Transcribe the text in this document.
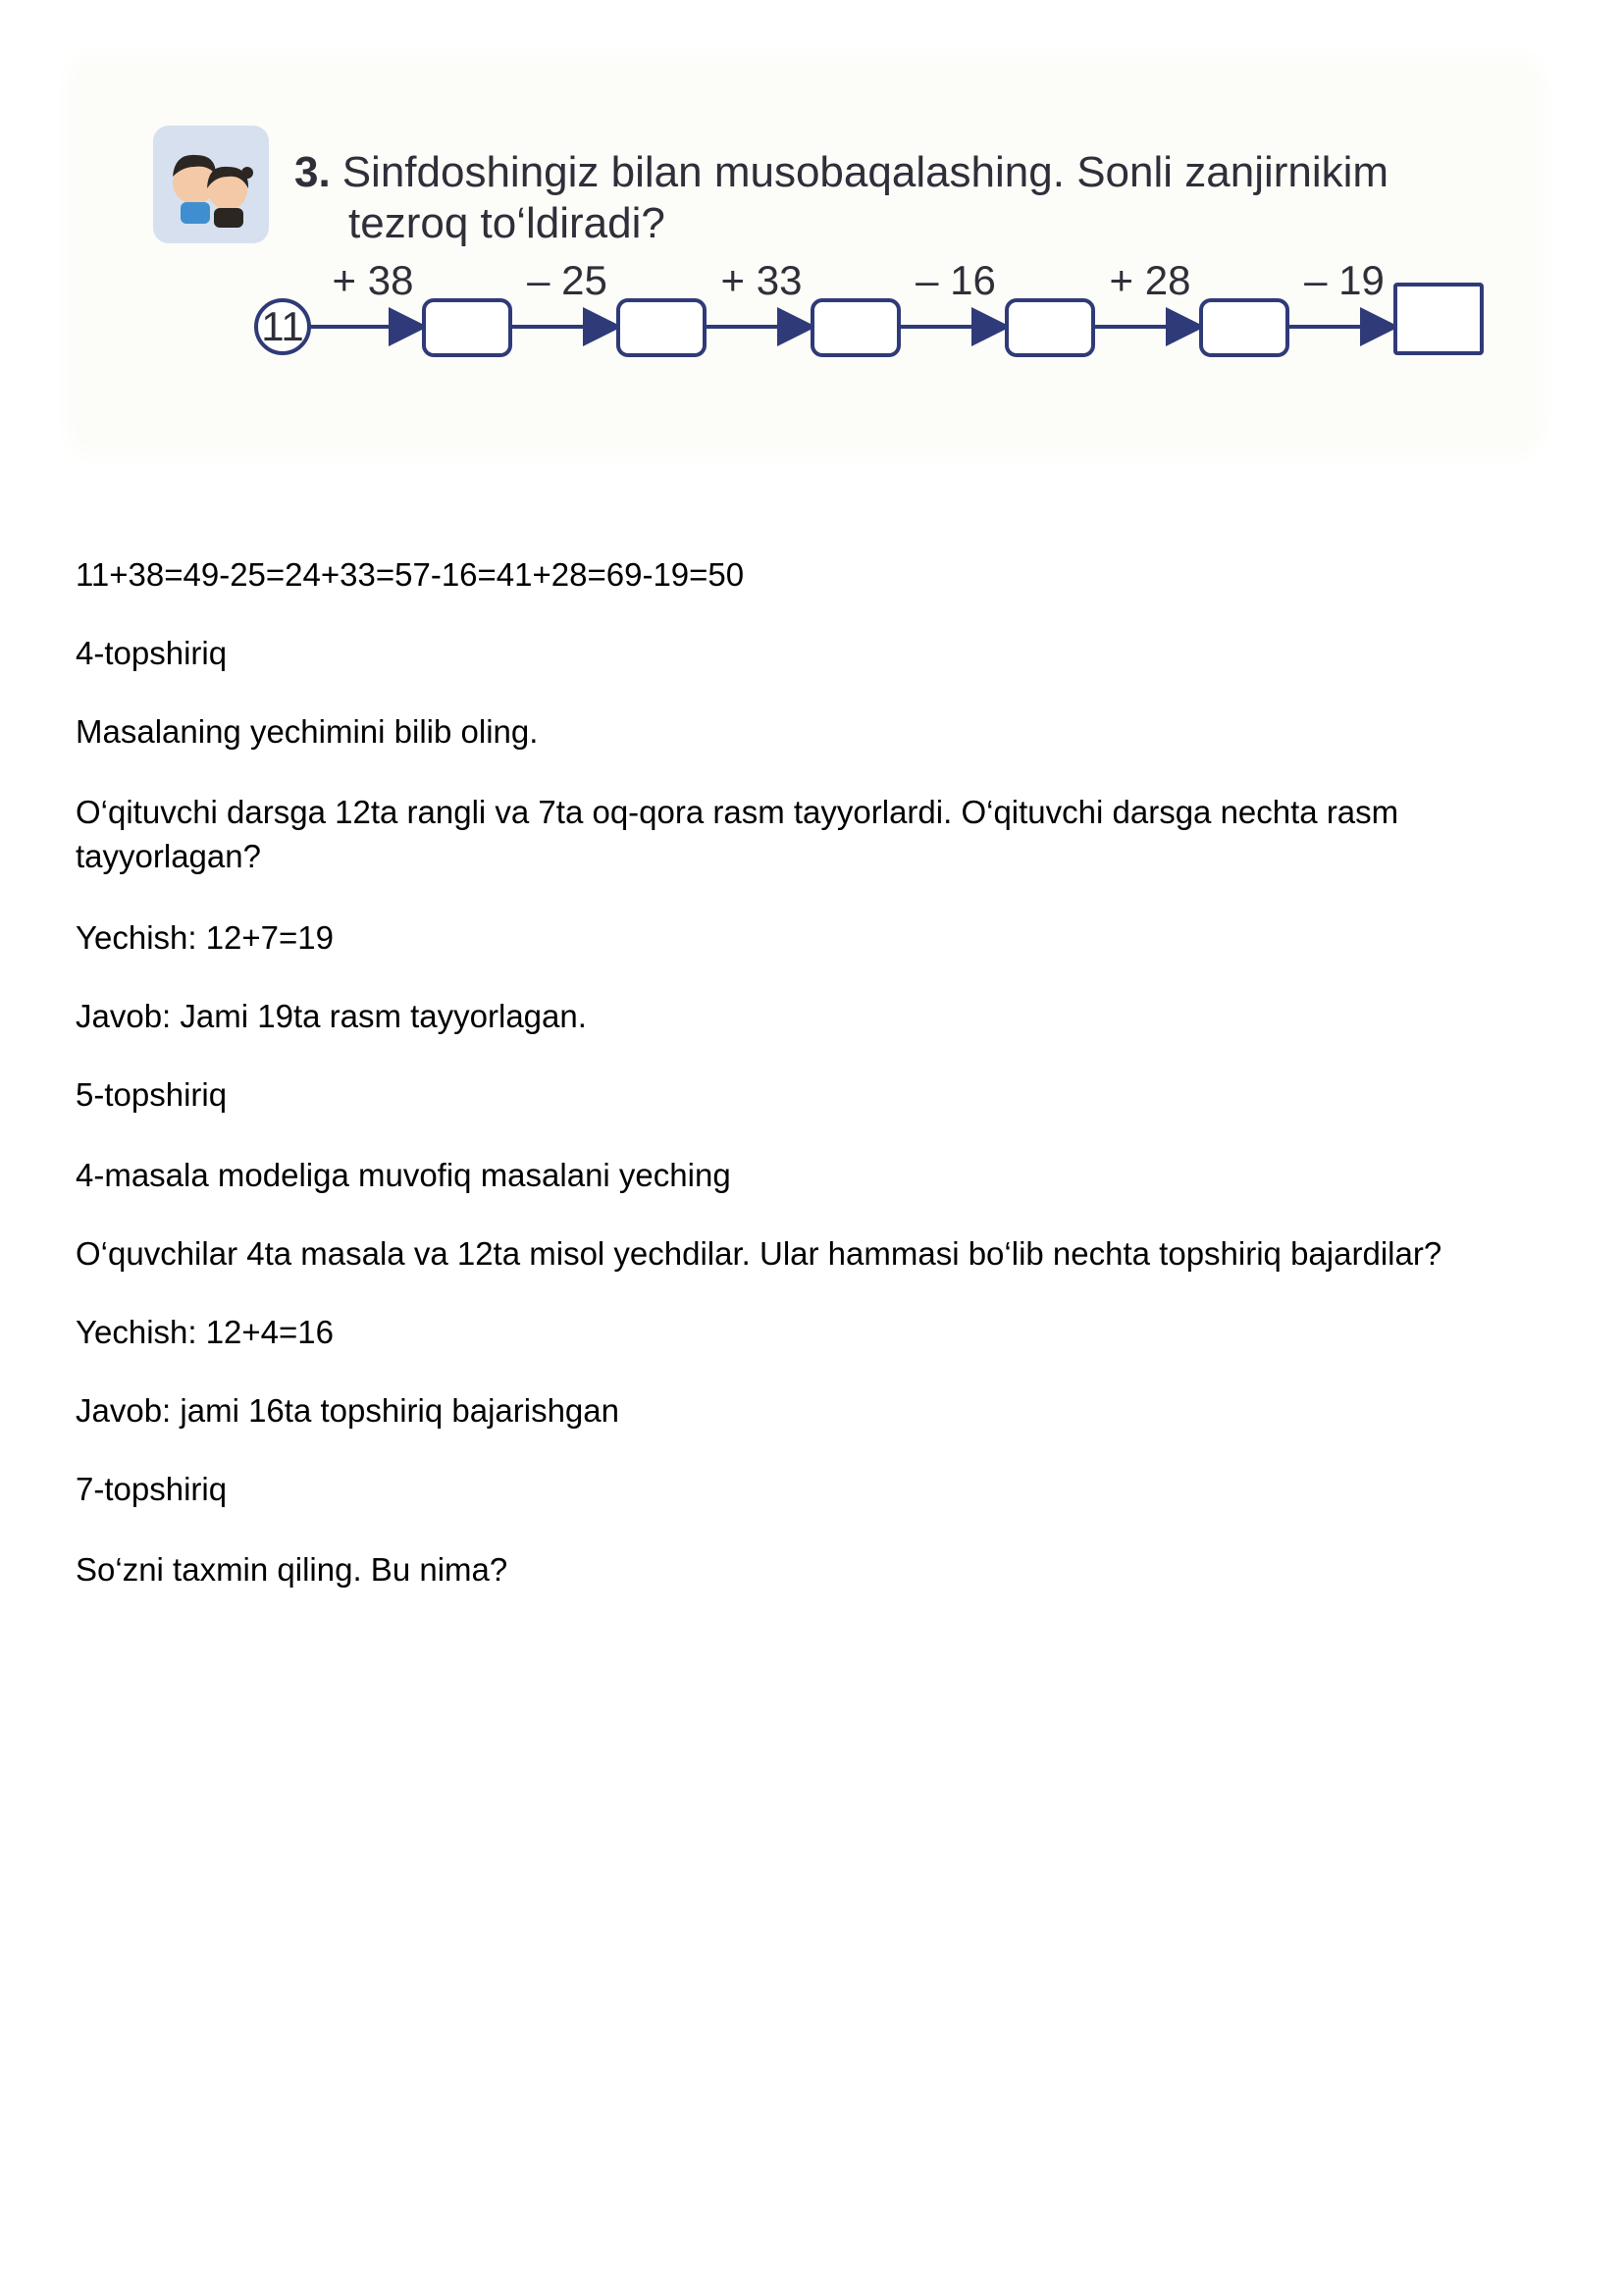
3. Sinfdoshingiz bilan musobaqalashing. Sonli zanjirnikim
tezroq to‘ldiradi?
11
+ 38	– 25	+ 33	– 16	+ 28	– 19
11+38=49-25=24+33=57-16=41+28=69-19=50
4-topshiriq
Masalaning yechimini bilib oling.
O‘qituvchi darsga 12ta rangli va 7ta oq-qora rasm tayyorlardi. O‘qituvchi darsga nechta rasm tayyorlagan?
Yechish: 12+7=19
Javob: Jami 19ta rasm tayyorlagan.
5-topshiriq
4-masala modeliga muvofiq masalani yeching
O‘quvchilar 4ta masala va 12ta misol yechdilar. Ular hammasi bo‘lib nechta topshiriq bajardilar?
Yechish: 12+4=16
Javob: jami 16ta topshiriq bajarishgan
7-topshiriq
So‘zni taxmin qiling. Bu nima?
